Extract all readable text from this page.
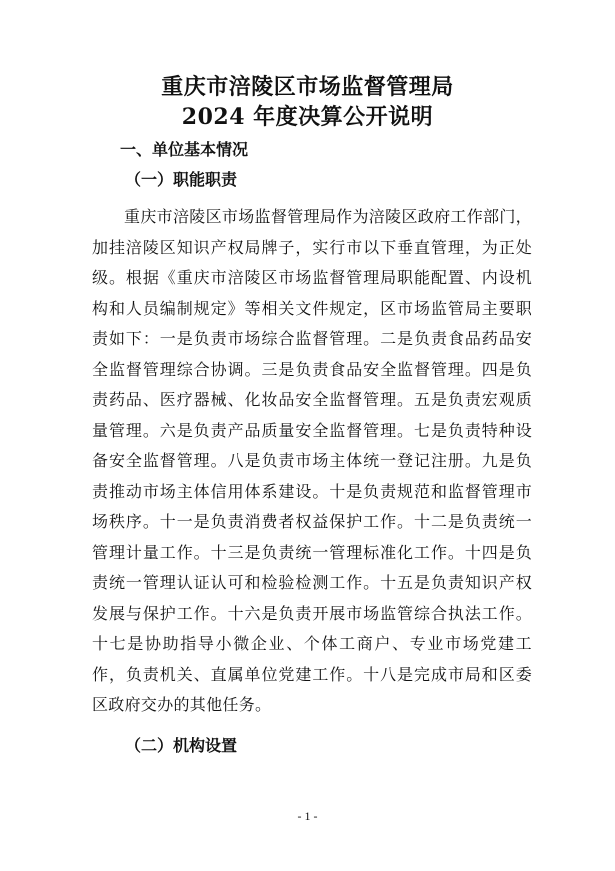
重庆市涪陵区市场监督管理局
2024 年度决算公开说明
一、单位基本情况
（一）职能职责

重庆市涪陵区市场监督管理局作为涪陵区政府工作部门，加挂涪陵区知识产权局牌子，实行市以下垂直管理，为正处级。根据《重庆市涪陵区市场监督管理局职能配置、内设机构和人员编制规定》等相关文件规定，区市场监管局主要职责如下：一是负责市场综合监督管理。二是负责食品药品安全监督管理综合协调。三是负责食品安全监督管理。四是负责药品、医疗器械、化妆品安全监督管理。五是负责宏观质量管理。六是负责产品质量安全监督管理。七是负责特种设备安全监督管理。八是负责市场主体统一登记注册。九是负责推动市场主体信用体系建设。十是负责规范和监督管理市场秩序。十一是负责消费者权益保护工作。十二是负责统一管理计量工作。十三是负责统一管理标准化工作。十四是负责统一管理认证认可和检验检测工作。十五是负责知识产权发展与保护工作。十六是负责开展市场监管综合执法工作。十七是协助指导小微企业、个体工商户、专业市场党建工作，负责机关、直属单位党建工作。十八是完成市局和区委区政府交办的其他任务。

（二）机构设置
- 1 -
